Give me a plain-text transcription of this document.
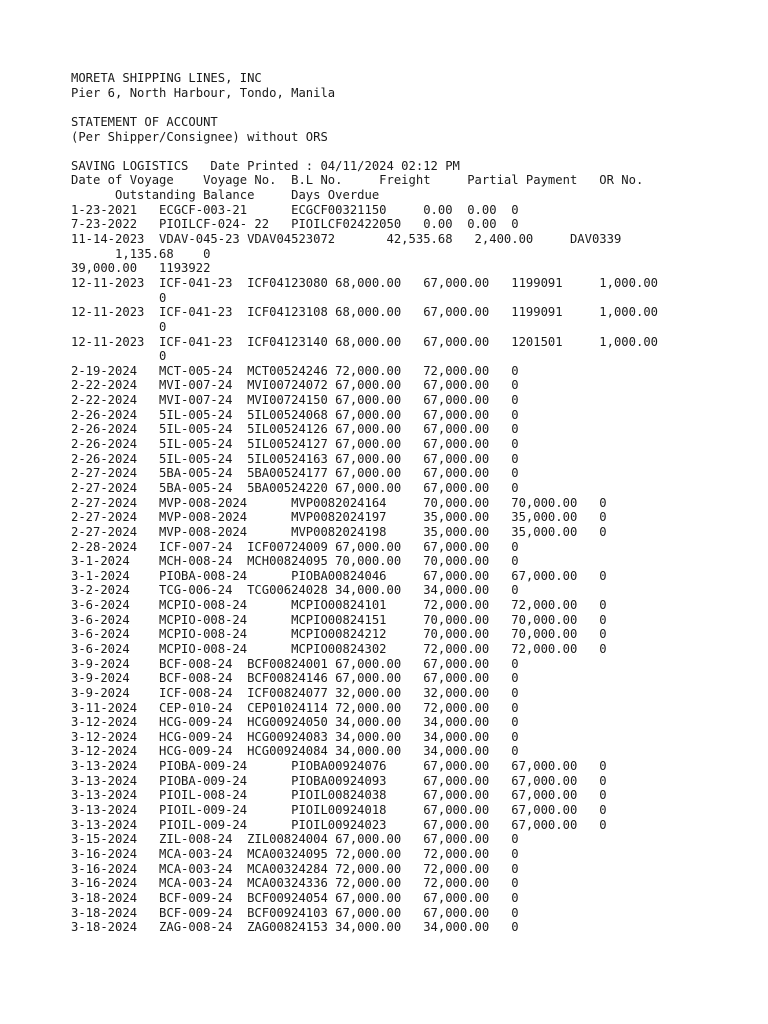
MORETA SHIPPING LINES, INC
Pier 6, North Harbour, Tondo, Manila
STATEMENT OF ACCOUNT
(Per Shipper/Consignee) without ORS
SAVING LOGISTICS   Date Printed : 04/11/2024 02:12 PM
Date of Voyage    Voyage No.  B.L No.     Freight     Partial Payment   OR No.
Outstanding Balance     Days Overdue
1-23-2021   ECGCF-003-21      ECGCF00321150     0.00  0.00  0
7-23-2022   PIOILCF-024- 22   PIOILCF02422050   0.00  0.00  0
11-14-2023  VDAV-045-23 VDAV04523072       42,535.68   2,400.00     DAV0339
1,135.68    0
39,000.00   1193922
12-11-2023  ICF-041-23  ICF04123080 68,000.00   67,000.00   1199091     1,000.00
0
12-11-2023  ICF-041-23  ICF04123108 68,000.00   67,000.00   1199091     1,000.00
0
12-11-2023  ICF-041-23  ICF04123140 68,000.00   67,000.00   1201501     1,000.00
0
2-19-2024   MCT-005-24  MCT00524246 72,000.00   72,000.00   0
2-22-2024   MVI-007-24  MVI00724072 67,000.00   67,000.00   0
2-22-2024   MVI-007-24  MVI00724150 67,000.00   67,000.00   0
2-26-2024   5IL-005-24  5IL00524068 67,000.00   67,000.00   0
2-26-2024   5IL-005-24  5IL00524126 67,000.00   67,000.00   0
2-26-2024   5IL-005-24  5IL00524127 67,000.00   67,000.00   0
2-26-2024   5IL-005-24  5IL00524163 67,000.00   67,000.00   0
2-27-2024   5BA-005-24  5BA00524177 67,000.00   67,000.00   0
2-27-2024   5BA-005-24  5BA00524220 67,000.00   67,000.00   0
2-27-2024   MVP-008-2024      MVP0082024164     70,000.00   70,000.00   0
2-27-2024   MVP-008-2024      MVP0082024197     35,000.00   35,000.00   0
2-27-2024   MVP-008-2024      MVP0082024198     35,000.00   35,000.00   0
2-28-2024   ICF-007-24  ICF00724009 67,000.00   67,000.00   0
3-1-2024    MCH-008-24  MCH00824095 70,000.00   70,000.00   0
3-1-2024    PIOBA-008-24      PIOBA00824046     67,000.00   67,000.00   0
3-2-2024    TCG-006-24  TCG00624028 34,000.00   34,000.00   0
3-6-2024    MCPIO-008-24      MCPIO00824101     72,000.00   72,000.00   0
3-6-2024    MCPIO-008-24      MCPIO00824151     70,000.00   70,000.00   0
3-6-2024    MCPIO-008-24      MCPIO00824212     70,000.00   70,000.00   0
3-6-2024    MCPIO-008-24      MCPIO00824302     72,000.00   72,000.00   0
3-9-2024    BCF-008-24  BCF00824001 67,000.00   67,000.00   0
3-9-2024    BCF-008-24  BCF00824146 67,000.00   67,000.00   0
3-9-2024    ICF-008-24  ICF00824077 32,000.00   32,000.00   0
3-11-2024   CEP-010-24  CEP01024114 72,000.00   72,000.00   0
3-12-2024   HCG-009-24  HCG00924050 34,000.00   34,000.00   0
3-12-2024   HCG-009-24  HCG00924083 34,000.00   34,000.00   0
3-12-2024   HCG-009-24  HCG00924084 34,000.00   34,000.00   0
3-13-2024   PIOBA-009-24      PIOBA00924076     67,000.00   67,000.00   0
3-13-2024   PIOBA-009-24      PIOBA00924093     67,000.00   67,000.00   0
3-13-2024   PIOIL-008-24      PIOIL00824038     67,000.00   67,000.00   0
3-13-2024   PIOIL-009-24      PIOIL00924018     67,000.00   67,000.00   0
3-13-2024   PIOIL-009-24      PIOIL00924023     67,000.00   67,000.00   0
3-15-2024   ZIL-008-24  ZIL00824004 67,000.00   67,000.00   0
3-16-2024   MCA-003-24  MCA00324095 72,000.00   72,000.00   0
3-16-2024   MCA-003-24  MCA00324284 72,000.00   72,000.00   0
3-16-2024   MCA-003-24  MCA00324336 72,000.00   72,000.00   0
3-18-2024   BCF-009-24  BCF00924054 67,000.00   67,000.00   0
3-18-2024   BCF-009-24  BCF00924103 67,000.00   67,000.00   0
3-18-2024   ZAG-008-24  ZAG00824153 34,000.00   34,000.00   0
